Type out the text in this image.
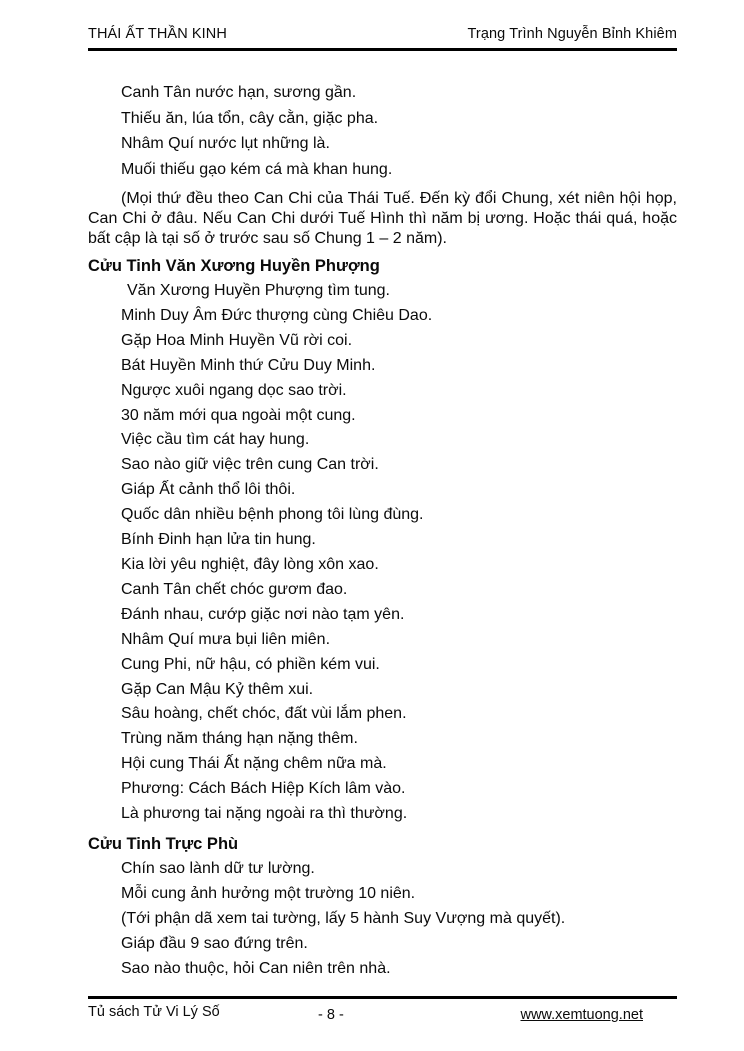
THÁI ẤT THẦN KINH	Trạng Trình Nguyễn Bỉnh Khiêm
Canh Tân nước hạn, sương gần.
Thiếu ăn, lúa tổn, cây cằn, giặc pha.
Nhâm Quí nước lụt những là.
Muối thiếu gạo kém cá mà khan hung.

(Mọi thứ đều theo Can Chi của Thái Tuế. Đến kỳ đổi Chung, xét niên hội họp, Can Chi ở đâu. Nếu Can Chi dưới Tuế Hình thì năm bị ương. Hoặc thái quá, hoặc bất cập là tại số ở trước sau số Chung 1 – 2 năm).

Cửu Tinh Văn Xương Huyền Phượng
Văn Xương Huyền Phượng tìm tung.
Minh Duy Âm Đức thượng cùng Chiêu Dao.
Gặp Hoa Minh Huyền Vũ rời coi.
Bát Huyền Minh thứ Cửu Duy Minh.
Ngược xuôi ngang dọc sao trời.
30 năm mới qua ngoài một cung.
Việc cầu tìm cát hay hung.
Sao nào giữ việc trên cung Can trời.
Giáp Ất cảnh thổ lôi thôi.
Quốc dân nhiều bệnh phong tôi lùng đùng.
Bính Đinh hạn lửa tin hung.
Kia lời yêu nghiệt, đây lòng xôn xao.
Canh Tân chết chóc gươm đao.
Đánh nhau, cướp giặc nơi nào tạm yên.
Nhâm Quí mưa bụi liên miên.
Cung Phi, nữ hậu, có phiền kém vui.
Gặp Can Mậu Kỷ thêm xui.
Sâu hoàng, chết chóc, đất vùi lắm phen.
Trùng năm tháng hạn nặng thêm.
Hội cung Thái Ất nặng chêm nữa mà.
Phương: Cách Bách Hiệp Kích lâm vào.
Là phương tai nặng ngoài ra thì thường.
Cửu Tinh Trực Phù
Chín sao lành dữ tư lường.
Mỗi cung ảnh hưởng một trường 10 niên.
(Tới phận dã xem tai tường, lấy 5 hành Suy Vượng mà quyết).
Giáp đầu 9 sao đứng trên.
Sao nào thuộc, hỏi Can niên trên nhà.
Tủ sách Tử Vi Lý Số	- 8 -	www.xemtuong.net
